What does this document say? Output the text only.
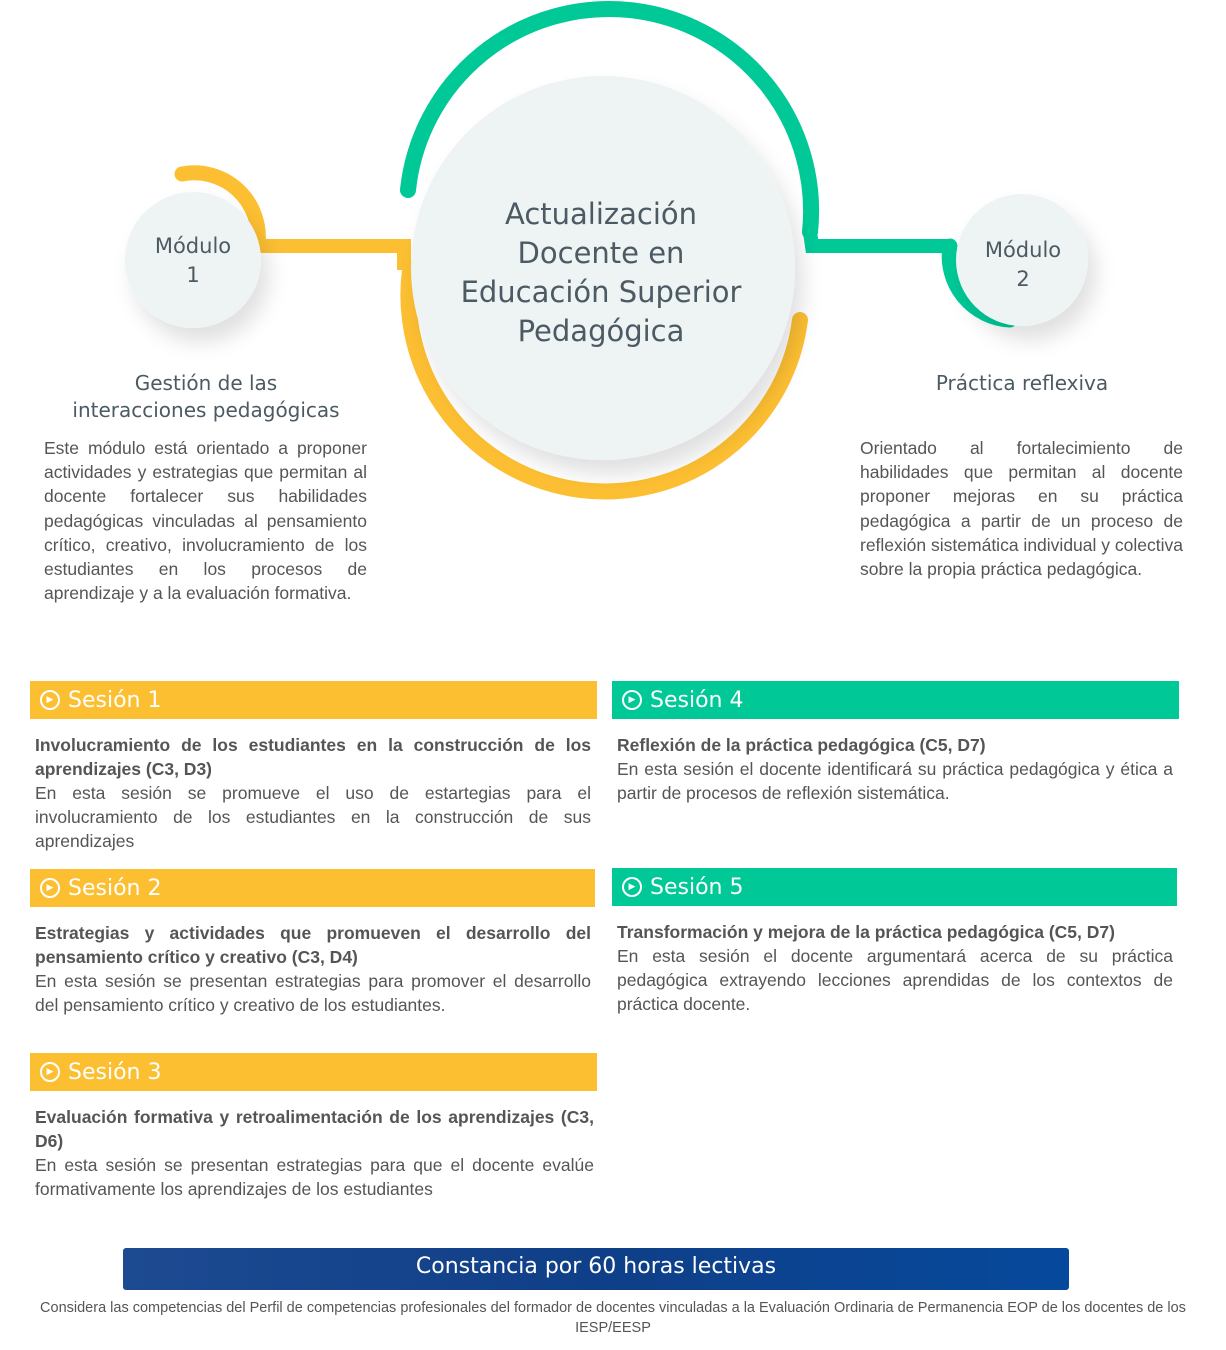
Actualización
Docente en
Educación Superior
Pedagógica
Módulo
1
Gestión de las
interacciones pedagógicas
Este módulo está orientado a proponer actividades y estrategias que permitan al docente fortalecer sus habilidades pedagógicas vinculadas al pensamiento crítico, creativo, involucramiento de los estudiantes en los procesos de aprendizaje y a la evaluación formativa.
Módulo
2
Práctica reflexiva
Orientado al fortalecimiento de habilidades que permitan al docente proponer mejoras en su práctica pedagógica a partir de un proceso de reflexión sistemática individual y colectiva sobre la propia práctica pedagógica.
▶ Sesión 1
Involucramiento de los estudiantes en la construcción de los aprendizajes (C3, D3)
En esta sesión se promueve el uso de estartegias para el involucramiento de los estudiantes en la construcción de sus aprendizajes
▶ Sesión 2
Estrategias y actividades que promueven el desarrollo del pensamiento crítico y creativo (C3, D4)
En esta sesión se presentan estrategias para promover el desarrollo del pensamiento crítico y creativo de los estudiantes.
▶ Sesión 3
Evaluación formativa y retroalimentación de los aprendizajes (C3, D6)
En esta sesión se presentan estrategias para que el docente evalúe formativamente los aprendizajes de los estudiantes
▶ Sesión 4
Reflexión de la práctica pedagógica (C5, D7)
En esta sesión el docente identificará su práctica pedagógica y ética a partir de procesos de reflexión sistemática.
▶ Sesión 5
Transformación y mejora de la práctica pedagógica (C5, D7)
En esta sesión el docente argumentará acerca de su práctica pedagógica extrayendo lecciones aprendidas de los contextos de práctica docente.
Constancia por 60 horas lectivas
Considera las competencias del Perfil de competencias profesionales del formador de docentes vinculadas a la Evaluación Ordinaria de Permanencia EOP de los docentes de los IESP/EESP
